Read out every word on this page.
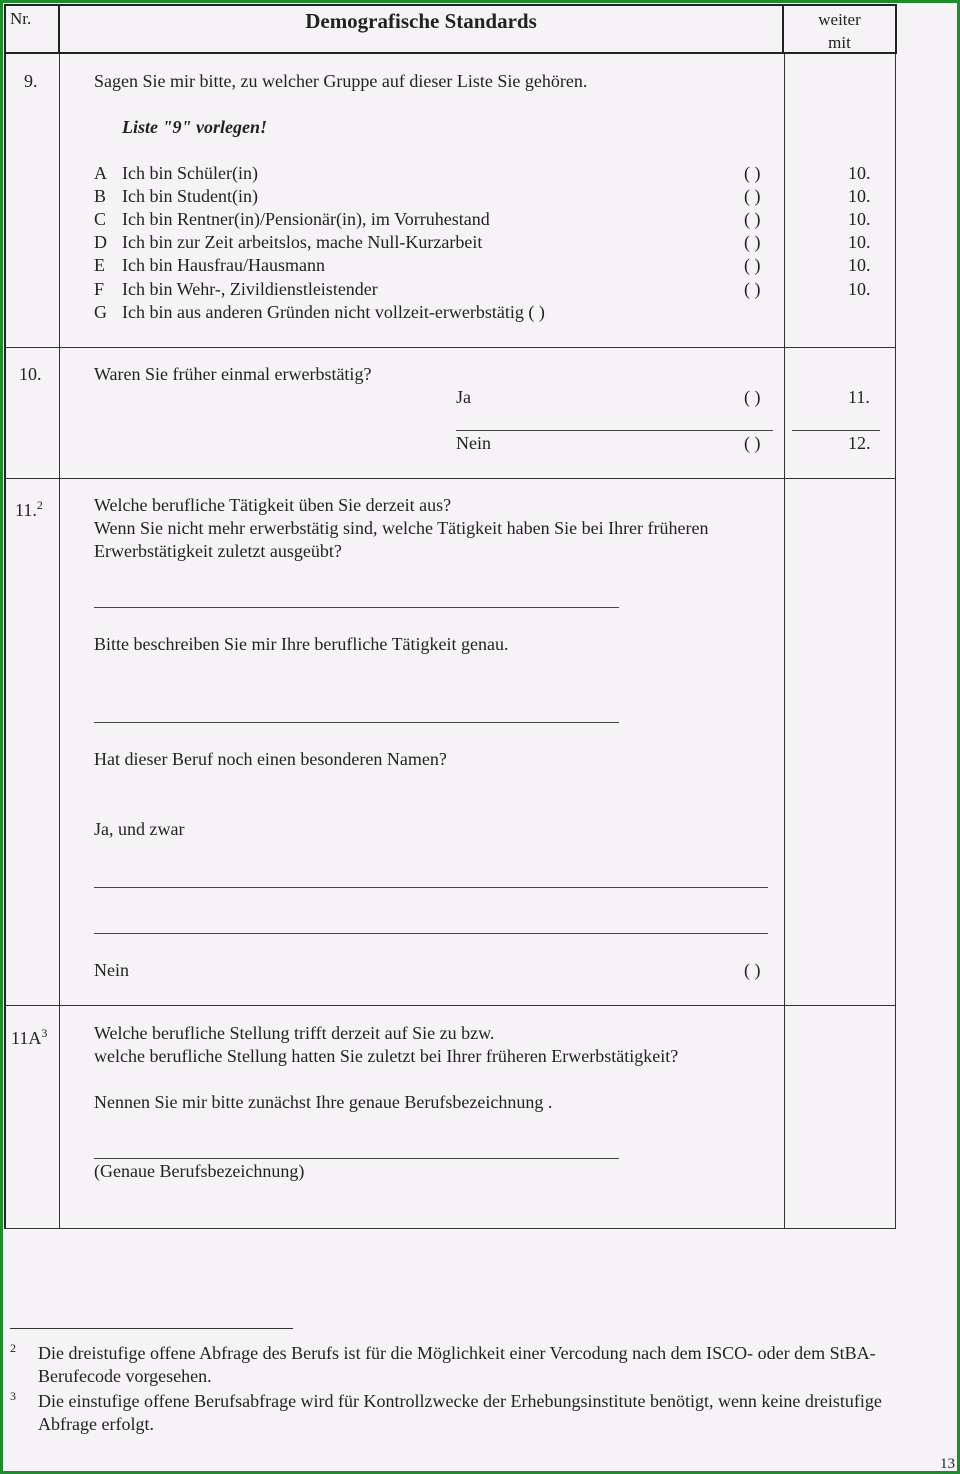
Nr.	Demografische Standards	weiter
mit
9.	Sagen Sie mir bitte, zu welcher Gruppe auf dieser Liste Sie gehören.
Liste "9" vorlegen!
A Ich bin Schüler(in)	( )	10.
B Ich bin Student(in)	( )	10.
C Ich bin Rentner(in)/Pensionär(in), im Vorruhestand	( )	10.
D Ich bin zur Zeit arbeitslos, mache Null-Kurzarbeit	( )	10.
E Ich bin Hausfrau/Hausmann	( )	10.
F Ich bin Wehr-, Zivildienstleistender	( )	10.
G Ich bin aus anderen Gründen nicht vollzeit-erwerbstätig ( )
10.	Waren Sie früher einmal erwerbstätig?
Ja	( )	11.
Nein	( )	12.
11.$^2$	Welche berufliche Tätigkeit üben Sie derzeit aus?
Wenn Sie nicht mehr erwerbstätig sind, welche Tätigkeit haben Sie bei Ihrer früheren
Erwerbstätigkeit zuletzt ausgeübt?
Bitte beschreiben Sie mir Ihre berufliche Tätigkeit genau.
Hat dieser Beruf noch einen besonderen Namen?
Ja, und zwar
Nein	( )
$11A^3$	Welche berufliche Stellung trifft derzeit auf Sie zu bzw.
welche berufliche Stellung hatten Sie zuletzt bei Ihrer früheren Erwerbstätigkeit?
Nennen Sie mir bitte zunächst Ihre genaue Berufsbezeichnung .
(Genaue Berufsbezeichnung)
2 Die dreistufige offene Abfrage des Berufs ist für die Möglichkeit einer Vercodung nach dem ISCO- oder dem StBA-
Berufecode vorgesehen.
3 Die einstufige offene Berufsabfrage wird für Kontrollzwecke der Erhebungsinstitute benötigt, wenn keine dreistufige
Abfrage erfolgt.
13
